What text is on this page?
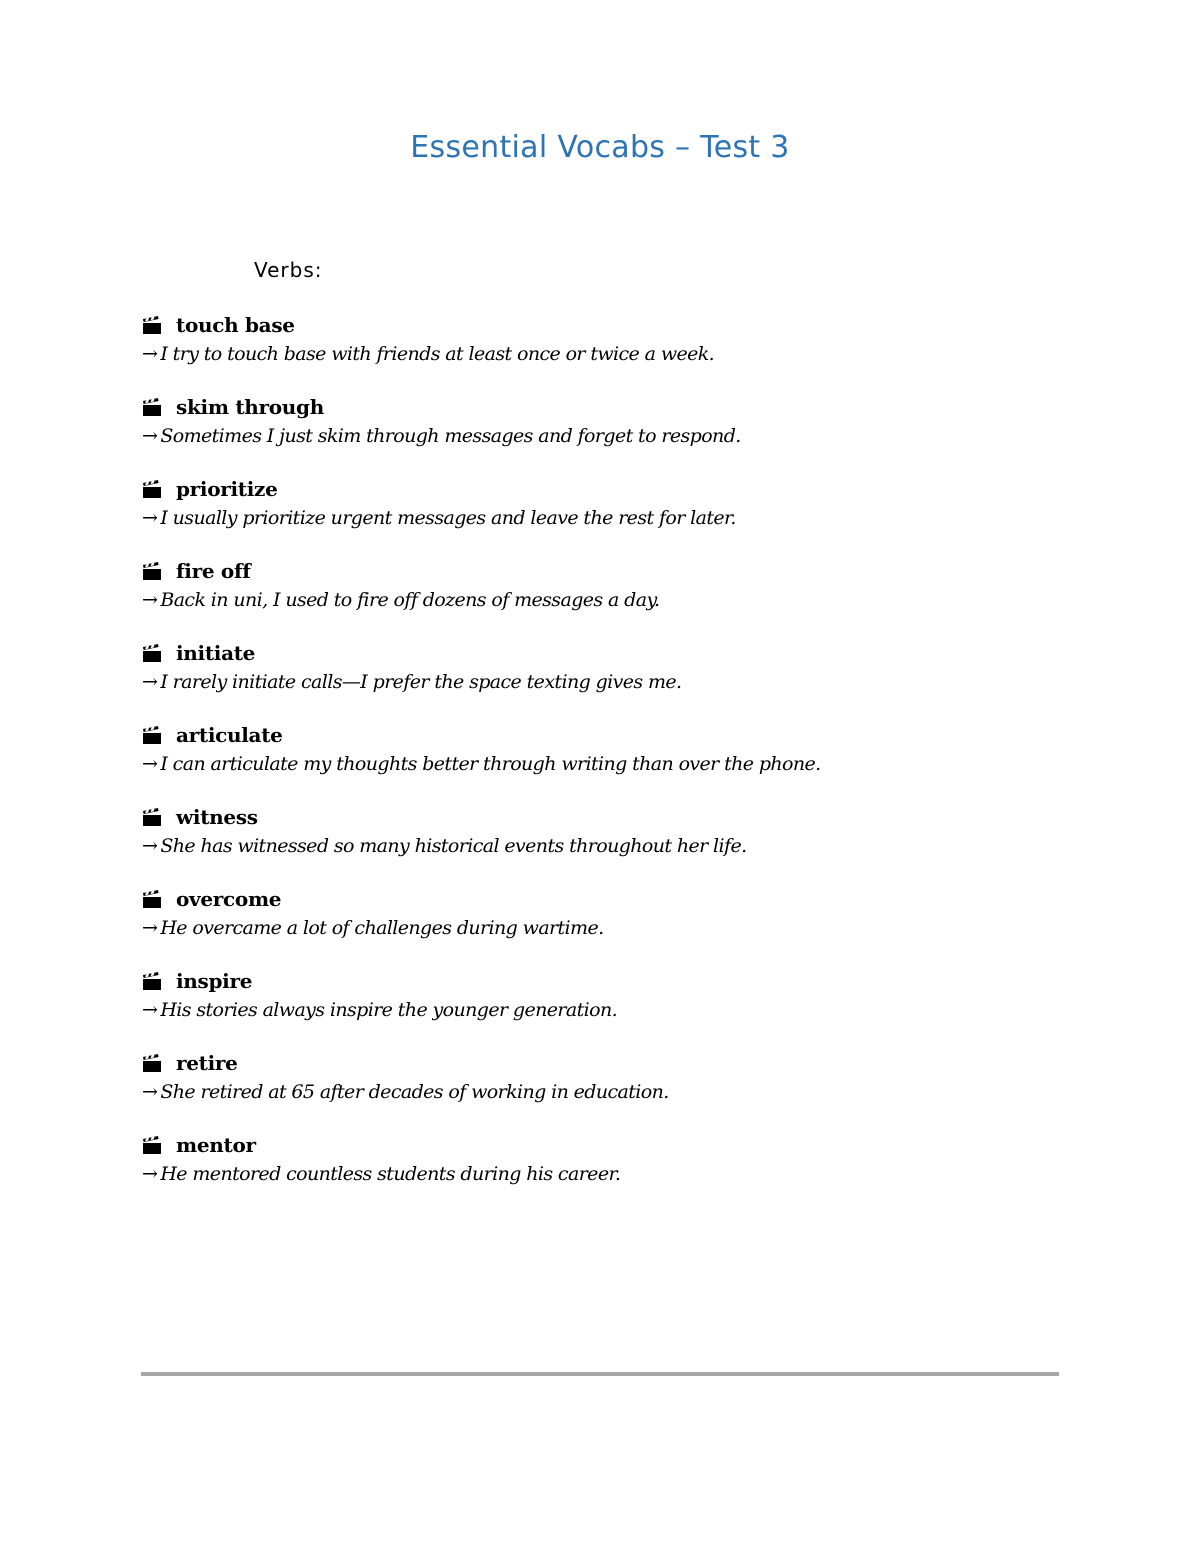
Essential Vocabs – Test 3
Verbs:
touch base
→ I try to touch base with friends at least once or twice a week.
skim through
→ Sometimes I just skim through messages and forget to respond.
prioritize
→ I usually prioritize urgent messages and leave the rest for later.
fire off
→ Back in uni, I used to fire off dozens of messages a day.
initiate
→ I rarely initiate calls—I prefer the space texting gives me.
articulate
→ I can articulate my thoughts better through writing than over the phone.
witness
→ She has witnessed so many historical events throughout her life.
overcome
→ He overcame a lot of challenges during wartime.
inspire
→ His stories always inspire the younger generation.
retire
→ She retired at 65 after decades of working in education.
mentor
→ He mentored countless students during his career.
